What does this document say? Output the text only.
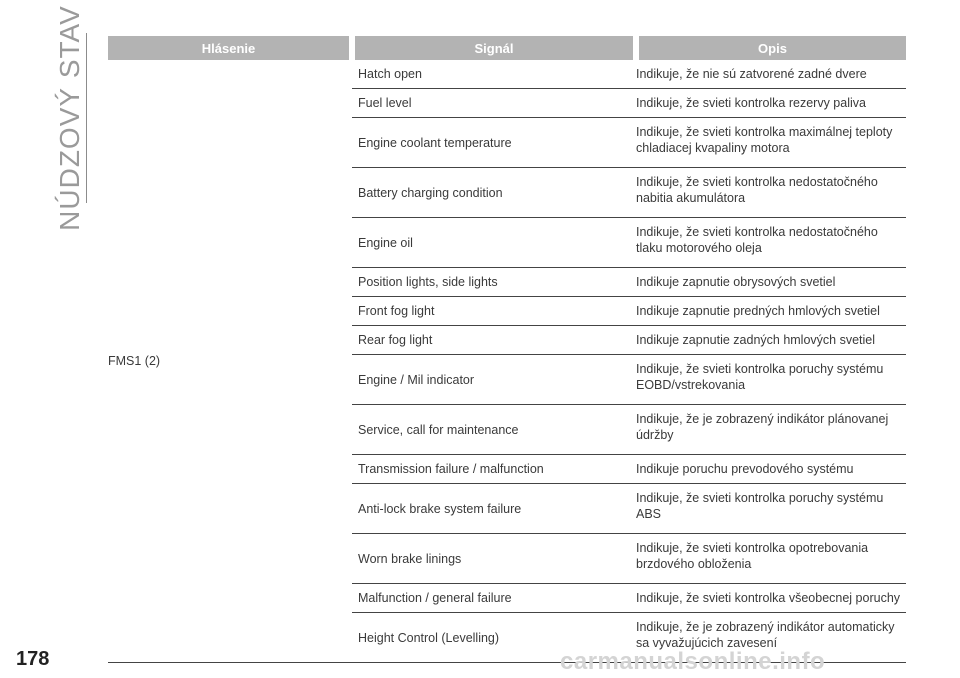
NÚDZOVÝ STAV	Hlásenie	Signál	Opis
FMS1 (2)	Hatch open	Indikuje, že nie sú zatvorené zadné dvere

	Fuel level	Indikuje, že svieti kontrolka rezervy paliva

	Engine coolant temperature	Indikuje, že svieti kontrolka maximálnej teploty
chladiacej kvapaliny motora

	Battery charging condition	Indikuje, že svieti kontrolka nedostatočného
nabitia akumulátora

	Engine oil	Indikuje, že svieti kontrolka nedostatočného
tlaku motorového oleja

	Position lights, side lights	Indikuje zapnutie obrysových svetiel

	Front fog light	Indikuje zapnutie predných hmlových svetiel

	Rear fog light	Indikuje zapnutie zadných hmlových svetiel

	Engine / Mil indicator	Indikuje, že svieti kontrolka poruchy systému
EOBD/vstrekovania

	Service, call for maintenance	Indikuje, že je zobrazený indikátor plánovanej
údržby

	Transmission failure / malfunction	Indikuje poruchu prevodového systému

	Anti-lock brake system failure	Indikuje, že svieti kontrolka poruchy systému
ABS

	Worn brake linings	Indikuje, že svieti kontrolka opotrebovania
brzdového obloženia

	Malfunction / general failure	Indikuje, že svieti kontrolka všeobecnej poruchy

	Height Control (Levelling)	Indikuje, že je zobrazený indikátor automaticky
sa vyvažujúcich zavesení
178	carmanualsonline.info
